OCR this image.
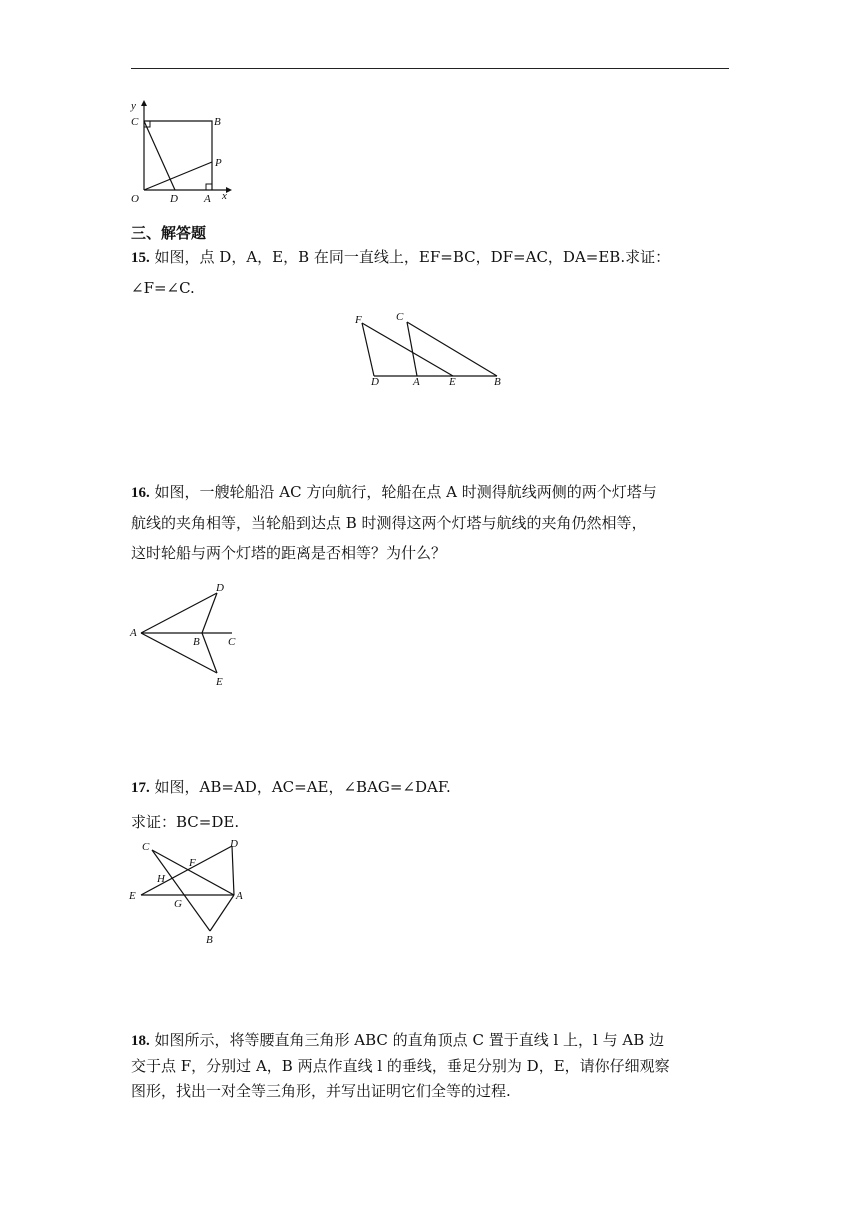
y
x
C	B
P
O	D A
三、解答题
15. 如图，点 D，A，E，B 在同一直线上，EF=BC，DF=AC，DA=EB.求证：
∠F=∠C.
F	C
D	A	E	B
16. 如图，一艘轮船沿 AC 方向航行，轮船在点 A 时测得航线两侧的两个灯塔与
航线的夹角相等，当轮船到达点 B 时测得这两个灯塔与航线的夹角仍然相等，
这时轮船与两个灯塔的距离是否相等？为什么？
D
A
B	C
E
17. 如图，AB=AD，AC=AE，∠BAG=∠DAF.
求证：BC=DE.
C	D
F
H
E
G
A
B
18. 如图所示，将等腰直角三角形 ABC 的直角顶点 C 置于直线 l 上，l 与 AB 边
交于点 F，分别过 A，B 两点作直线 l 的垂线，垂足分别为 D，E，请你仔细观察
图形，找出一对全等三角形，并写出证明它们全等的过程.
